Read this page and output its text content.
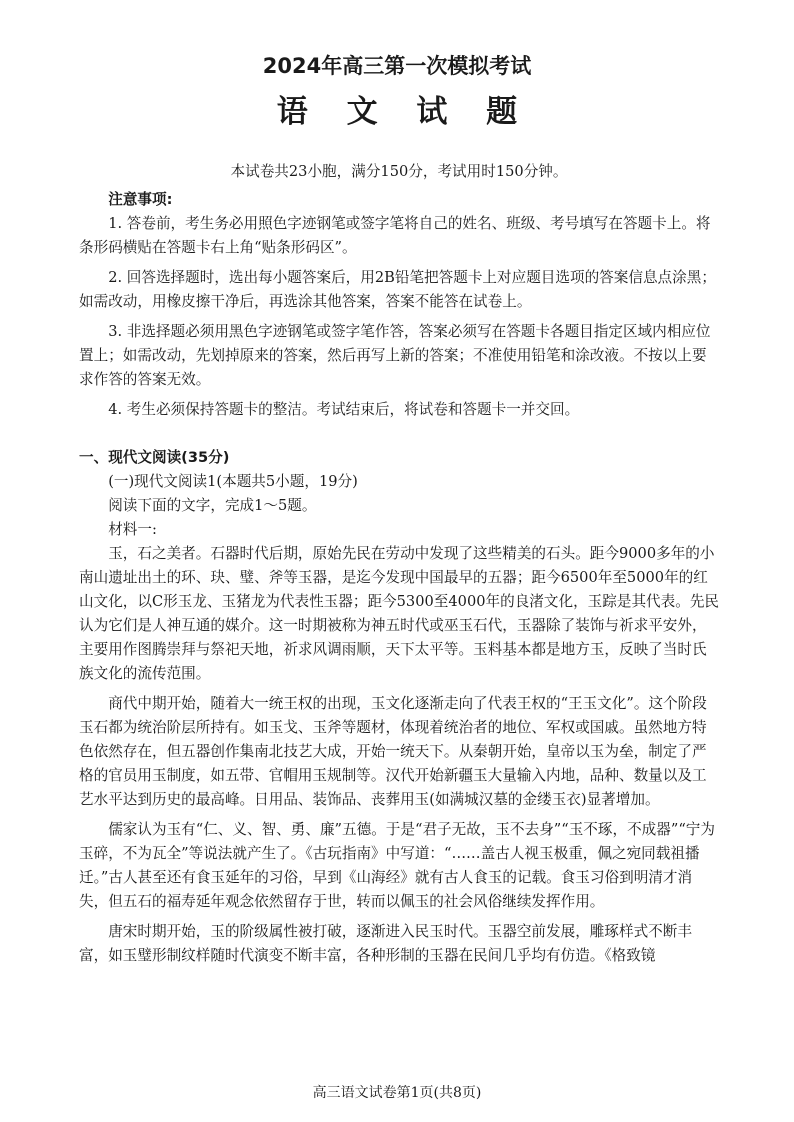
2024年高三第一次模拟考试
语 文 试 题

本试卷共23小胞，满分150分，考试用时150分钟。

注意事项:

1. 答卷前，考生务必用照色字迹钢笔或签字笔将自己的姓名、班级、考号填写在答题卡上。将条形码横贴在答题卡右上角“贴条形码区”。

2. 回答选择题时，选出每小题答案后，用2B铅笔把答题卡上对应题目选项的答案信息点涂黑；如需改动，用橡皮擦干净后，再选涂其他答案，答案不能答在试卷上。

3. 非选择题必须用黑色字迹钢笔或签字笔作答，答案必须写在答题卡各题目指定区域内相应位置上；如需改动，先划掉原来的答案，然后再写上新的答案；不准使用铅笔和涂改液。不按以上要求作答的答案无效。

4. 考生必须保持答题卡的整洁。考试结束后，将试卷和答题卡一并交回。

一、现代文阅读(35分)

(一)现代文阅读1(本题共5小题，19分)

阅读下面的文字，完成1～5题。

材料一:

玉，石之美者。石器时代后期，原始先民在劳动中发现了这些精美的石头。距今9000多年的小南山遗址出土的环、玦、璧、斧等玉器，是迄今发现中国最早的五器；距今6500年至5000年的红山文化，以C形玉龙、玉猪龙为代表性玉器；距今5300至4000年的良渚文化，玉踪是其代表。先民认为它们是人神互通的媒介。这一时期被称为神五时代或巫玉石代，玉器除了装饰与祈求平安外，主要用作图腾崇拜与祭祀天地，祈求风调雨顺，天下太平等。玉料基本都是地方玉，反映了当时氏族文化的流传范围。

商代中期开始，随着大一统王权的出现，玉文化逐渐走向了代表王权的“王玉文化”。这个阶段玉石都为统治阶层所持有。如玉戈、玉斧等题材，体现着统治者的地位、军权或国戚。虽然地方特色依然存在，但五器创作集南北技艺大成，开始一统天下。从秦朝开始，皇帝以玉为垒，制定了严格的官员用玉制度，如五带、官帽用玉规制等。汉代开始新疆玉大量输入内地，品种、数量以及工艺水平达到历史的最高峰。日用品、装饰品、丧葬用玉(如满城汉墓的金缕玉衣)显著增加。

儒家认为玉有“仁、义、智、勇、廉”五德。于是“君子无故，玉不去身”“玉不琢，不成器”“宁为玉碎，不为瓦全”等说法就产生了。《古玩指南》中写道：“……盖古人视玉极重，佩之宛同载祖播迁。”古人甚至还有食玉延年的习俗，早到《山海经》就有古人食玉的记载。食玉习俗到明清才消失，但五石的福寿延年观念依然留存于世，转而以佩玉的社会风俗继续发挥作用。

唐宋时期开始，玉的阶级属性被打破，逐渐进入民玉时代。玉器空前发展，雕琢样式不断丰富，如玉璧形制纹样随时代演变不断丰富，各种形制的玉器在民间几乎均有仿造。《格致镜

高三语文试卷第1页(共8页)
